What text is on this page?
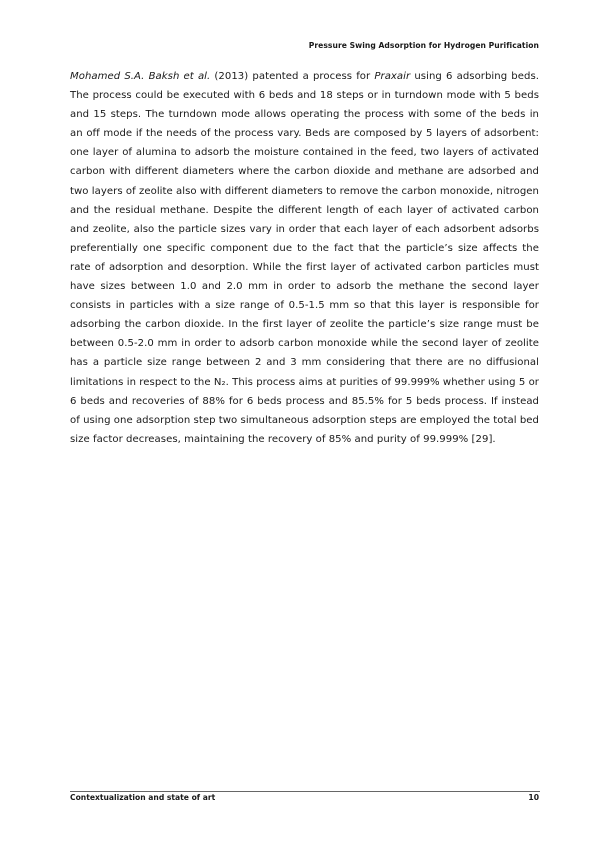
Pressure Swing Adsorption for Hydrogen Purification

Mohamed S.A. Baksh et al. (2013) patented a process for Praxair using 6 adsorbing beds. The process could be executed with 6 beds and 18 steps or in turndown mode with 5 beds and 15 steps. The turndown mode allows operating the process with some of the beds in an off mode if the needs of the process vary. Beds are composed by 5 layers of adsorbent: one layer of alumina to adsorb the moisture contained in the feed, two layers of activated carbon with different diameters where the carbon dioxide and methane are adsorbed and two layers of zeolite also with different diameters to remove the carbon monoxide, nitrogen and the residual methane. Despite the different length of each layer of activated carbon and zeolite, also the particle sizes vary in order that each layer of each adsorbent adsorbs preferentially one specific component due to the fact that the particle’s size affects the rate of adsorption and desorption. While the first layer of activated carbon particles must have sizes between 1.0 and 2.0 mm in order to adsorb the methane the second layer consists in particles with a size range of 0.5-1.5 mm so that this layer is responsible for adsorbing the carbon dioxide. In the first layer of zeolite the particle’s size range must be between 0.5-2.0 mm in order to adsorb carbon monoxide while the second layer of zeolite has a particle size range between 2 and 3 mm considering that there are no diffusional limitations in respect to the N₂. This process aims at purities of 99.999% whether using 5 or 6 beds and recoveries of 88% for 6 beds process and 85.5% for 5 beds process. If instead of using one adsorption step two simultaneous adsorption steps are employed the total bed size factor decreases, maintaining the recovery of 85% and purity of 99.999% [29].

Contextualization and state of art	10
